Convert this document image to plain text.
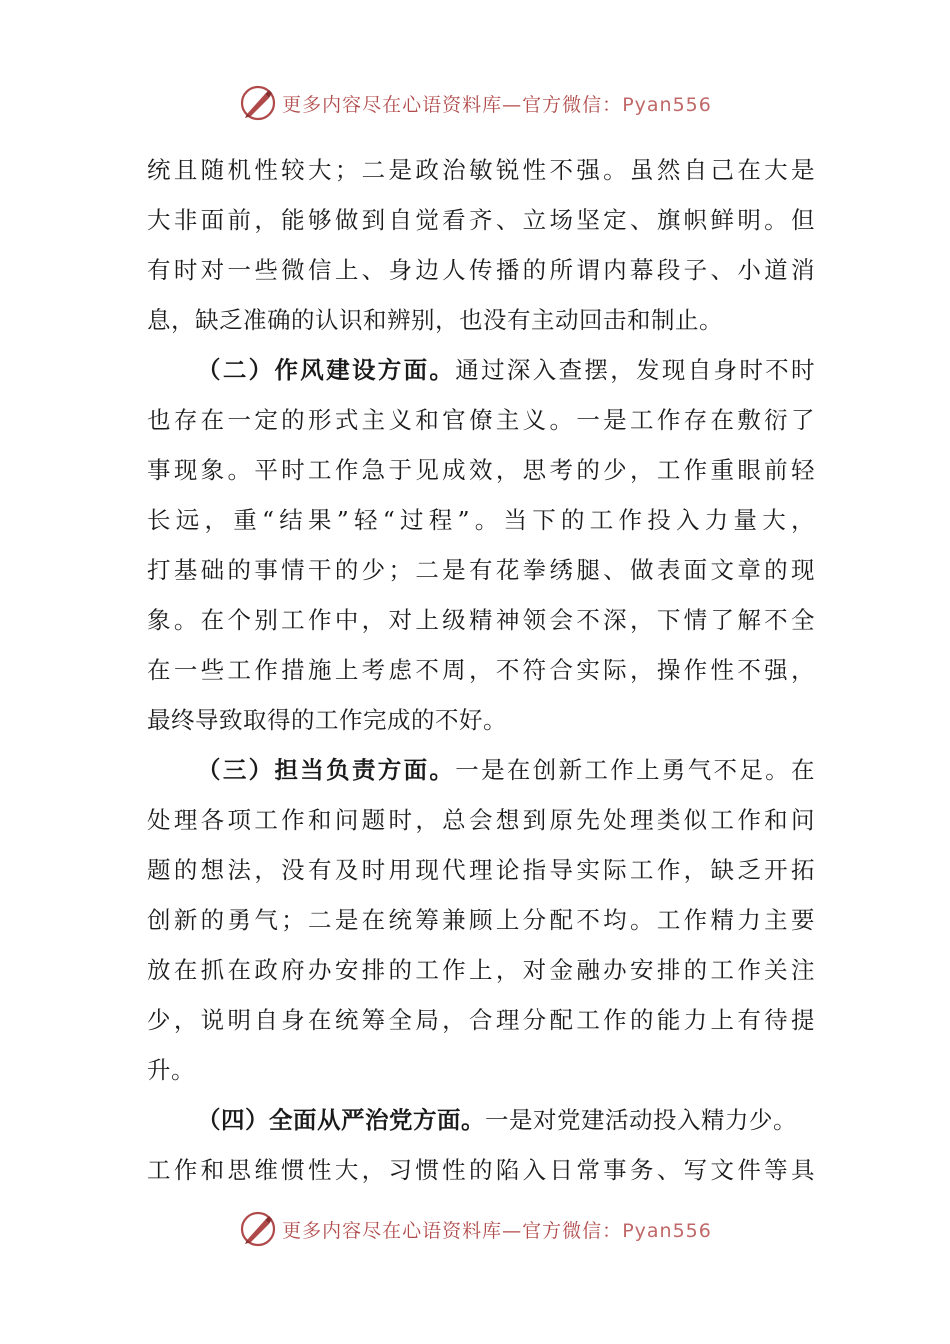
更多内容尽在心语资料库—官方微信：Pyan556
统且随机性较大；二是政治敏锐性不强。虽然自己在大是
大非面前，能够做到自觉看齐、立场坚定、旗帜鲜明。但
有时对一些微信上、身边人传播的所谓内幕段子、小道消
息，缺乏准确的认识和辨别，也没有主动回击和制止。
（二）作风建设方面。通过深入查摆，发现自身时不时
也存在一定的形式主义和官僚主义。一是工作存在敷衍了
事现象。平时工作急于见成效，思考的少，工作重眼前轻
长远，重“结果”轻“过程”。当下的工作投入力量大，
打基础的事情干的少；二是有花拳绣腿、做表面文章的现
象。在个别工作中，对上级精神领会不深，下情了解不全
在一些工作措施上考虑不周，不符合实际，操作性不强，
最终导致取得的工作完成的不好。
（三）担当负责方面。一是在创新工作上勇气不足。在
处理各项工作和问题时，总会想到原先处理类似工作和问
题的想法，没有及时用现代理论指导实际工作，缺乏开拓
创新的勇气；二是在统筹兼顾上分配不均。工作精力主要
放在抓在政府办安排的工作上，对金融办安排的工作关注
少，说明自身在统筹全局，合理分配工作的能力上有待提
升。
（四）全面从严治党方面。一是对党建活动投入精力少。
工作和思维惯性大，习惯性的陷入日常事务、写文件等具
更多内容尽在心语资料库—官方微信：Pyan556
